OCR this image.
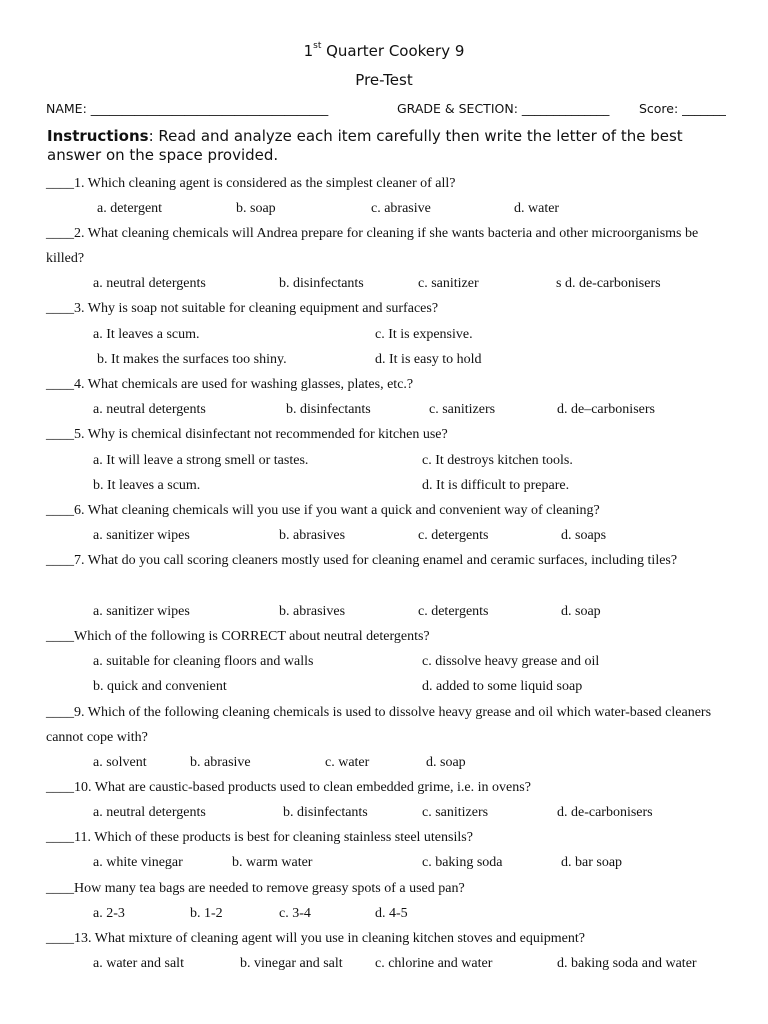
1st Quarter Cookery 9
Pre-Test
NAME: ______________________________________	GRADE & SECTION: ______________ Score: _______
Instructions: Read and analyze each item carefully then write the letter of the best answer on the space provided.
____1. Which cleaning agent is considered as the simplest cleaner of all?
a. detergent	b. soap	c. abrasive	d. water
____2. What cleaning chemicals will Andrea prepare for cleaning if she wants bacteria and other microorganisms be killed?
a. neutral detergents	b. disinfectants	c. sanitizer	s d. de-carbonisers
____3. Why is soap not suitable for cleaning equipment and surfaces?
a. It leaves a scum.	c. It is expensive.
b. It makes the surfaces too shiny.	d. It is easy to hold
____4. What chemicals are used for washing glasses, plates, etc.?
a. neutral detergents	b. disinfectants	c. sanitizers	d. de–carbonisers
____5. Why is chemical disinfectant not recommended for kitchen use?
a. It will leave a strong smell or tastes.	c. It destroys kitchen tools.
b. It leaves a scum.	d. It is difficult to prepare.
____6. What cleaning chemicals will you use if you want a quick and convenient way of cleaning?
a. sanitizer wipes	b. abrasives	c. detergents	d. soaps
____7. What do you call scoring cleaners mostly used for cleaning enamel and ceramic surfaces, including tiles?
a. sanitizer wipes	b. abrasives	c. detergents	d. soap
____Which of the following is CORRECT about neutral detergents?
a. suitable for cleaning floors and walls	c. dissolve heavy grease and oil
b. quick and convenient	d. added to some liquid soap
____9. Which of the following cleaning chemicals is used to dissolve heavy grease and oil which water-based cleaners cannot cope with?
a. solvent	b. abrasive	c. water	d. soap
____10. What are caustic-based products used to clean embedded grime, i.e. in ovens?
a. neutral detergents	b. disinfectants	c. sanitizers	d. de-carbonisers
____11. Which of these products is best for cleaning stainless steel utensils?
a. white vinegar	b. warm water	c. baking soda	d. bar soap
____How many tea bags are needed to remove greasy spots of a used pan?
a. 2-3	b. 1-2	c. 3-4	d. 4-5
____13. What mixture of cleaning agent will you use in cleaning kitchen stoves and equipment?
a. water and salt	b. vinegar and salt c. chlorine and water	d. baking soda and water
